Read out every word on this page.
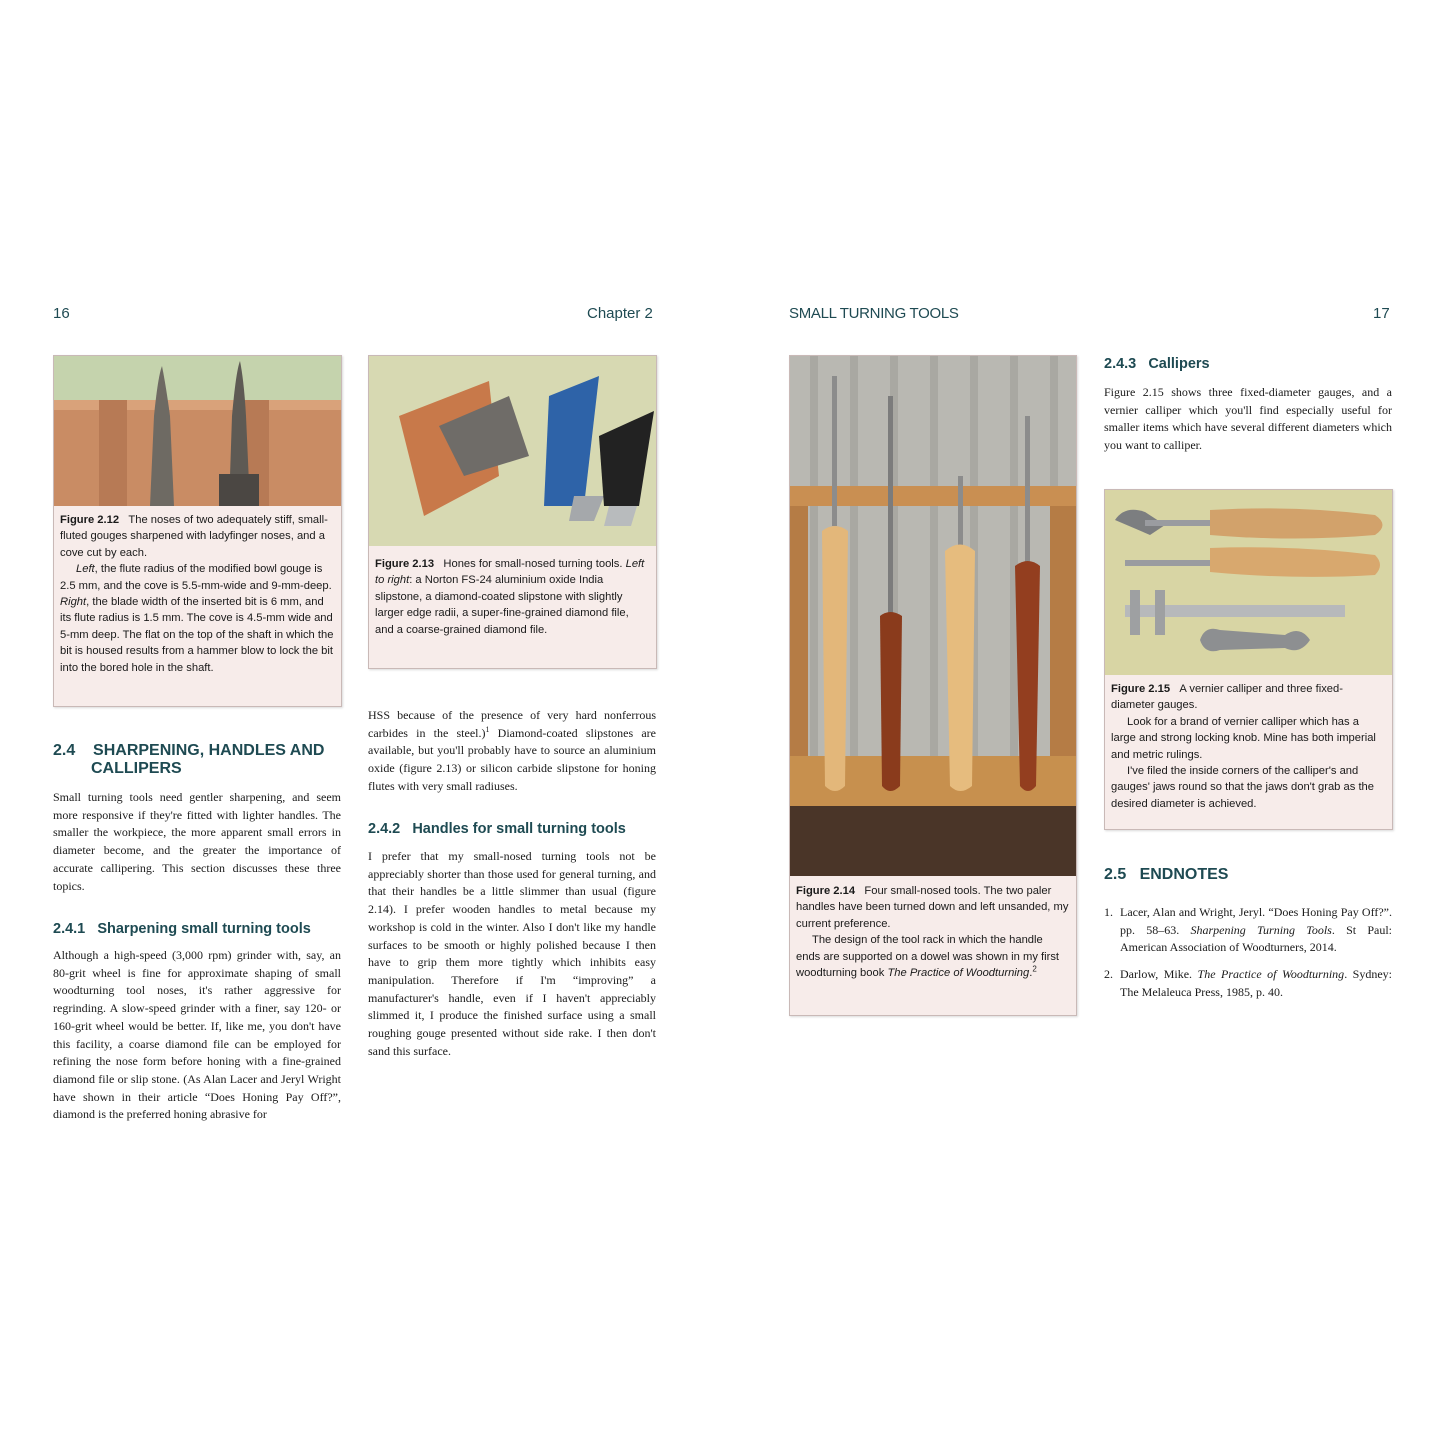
16	Chapter 2	SMALL TURNING TOOLS	17

Figure 2.12 The noses of two adequately stiff, small-fluted gouges sharpened with ladyfinger noses, and a cove cut by each.

Left, the flute radius of the modified bowl gouge is 2.5 mm, and the cove is 5.5-mm-wide and 9-mm-deep. Right, the blade width of the inserted bit is 6 mm, and its flute radius is 1.5 mm. The cove is 4.5-mm wide and 5-mm deep. The flat on the top of the shaft in which the bit is housed results from a hammer blow to lock the bit into the bored hole in the shaft.

Figure 2.13 Hones for small-nosed turning tools. Left to right: a Norton FS-24 aluminium oxide India slipstone, a diamond-coated slipstone with slightly larger edge radii, a super-fine-grained diamond file, and a coarse-grained diamond file.

2.4 SHARPENING, HANDLES AND
CALLIPERS
Small turning tools need gentler sharpening, and seem more responsive if they're fitted with lighter handles. The smaller the workpiece, the more apparent small errors in diameter become, and the greater the importance of accurate callipering. This section discusses these three topics.
2.4.1   Sharpening small turning tools
Although a high-speed (3,000 rpm) grinder with, say, an 80-grit wheel is fine for approximate shaping of small woodturning tool noses, it's rather aggressive for regrinding. A slow-speed grinder with a finer, say 120- or 160-grit wheel would be better. If, like me, you don't have this facility, a coarse diamond file can be employed for refining the nose form before honing with a fine-grained diamond file or slip stone. (As Alan Lacer and Jeryl Wright have shown in their article “Does Honing Pay Off?”, diamond is the preferred honing abrasive for
HSS because of the presence of very hard nonferrous carbides in the steel.)$^1$ Diamond-coated slipstones are available, but you'll probably have to source an aluminium oxide (figure 2.13) or silicon carbide slipstone for honing flutes with very small radiuses.
2.4.2   Handles for small turning tools
I prefer that my small-nosed turning tools not be appreciably shorter than those used for general turning, and that their handles be a little slimmer than usual (figure 2.14). I prefer wooden handles to metal because my workshop is cold in the winter. Also I don't like my handle surfaces to be smooth or highly polished because I then have to grip them more tightly which inhibits easy manipulation. Therefore if I'm “improving” a manufacturer's handle, even if I haven't appreciably slimmed it, I produce the finished surface using a small roughing gouge presented without side rake. I then don't sand this surface.

Figure 2.14 Four small-nosed tools. The two paler handles have been turned down and left unsanded, my current preference.

The design of the tool rack in which the handle ends are supported on a dowel was shown in my first woodturning book The Practice of Woodturning.$^2$

2.4.3   Callipers
Figure 2.15 shows three fixed-diameter gauges, and a vernier calliper which you'll find especially useful for smaller items which have several different diameters which you want to calliper.

Figure 2.15 A vernier calliper and three fixed-diameter gauges.

Look for a brand of vernier calliper which has a large and strong locking knob. Mine has both imperial and metric rulings.

I've filed the inside corners of the calliper's and gauges' jaws round so that the jaws don't grab as the desired diameter is achieved.

2.5   ENDNOTES
1. Lacer, Alan and Wright, Jeryl. “Does Honing Pay Off?”. pp. 58–63. Sharpening Turning Tools. St Paul: American Association of Woodturners, 2014.
2. Darlow, Mike. The Practice of Woodturning. Sydney: The Melaleuca Press, 1985, p. 40.
